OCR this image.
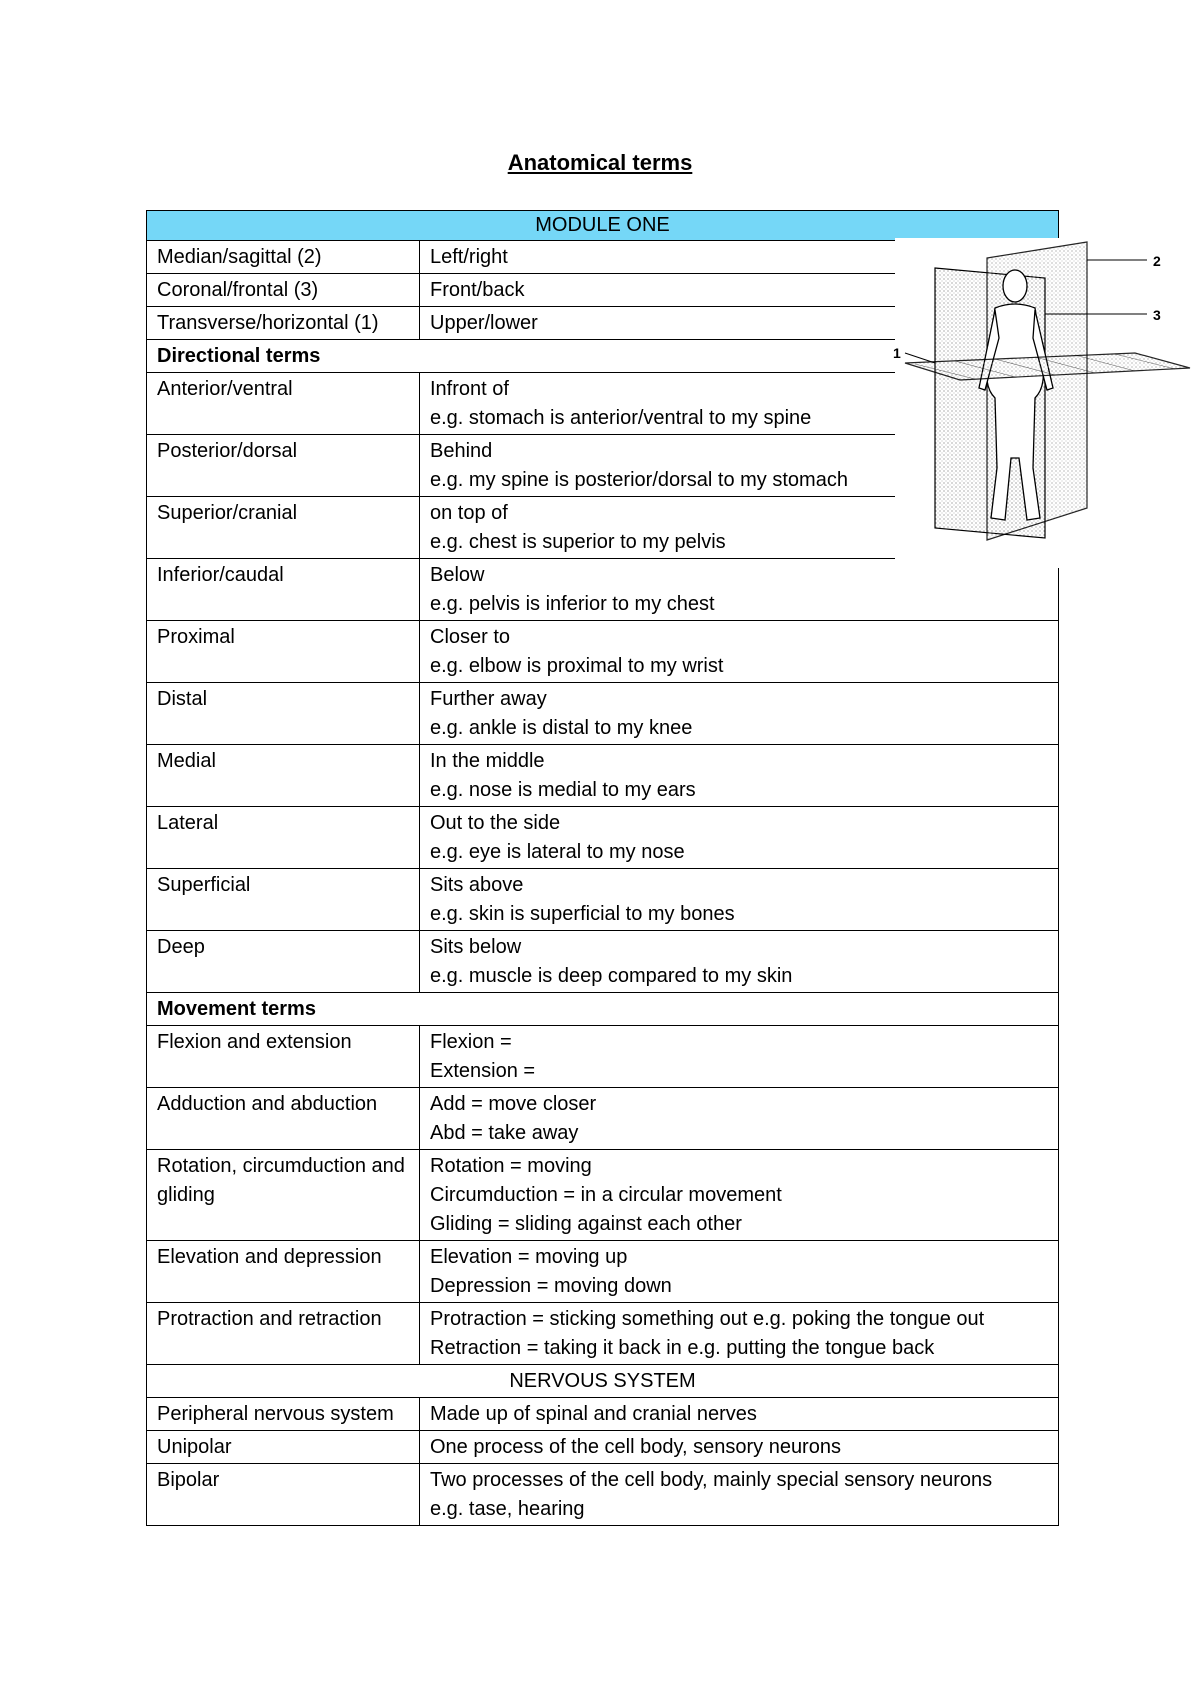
Anatomical terms
MODULE ONE	
Median/sagittal (2)	Left/right
Coronal/frontal (3)	Front/back
Transverse/horizontal (1)	Upper/lower
Directional terms	
Anterior/ventral	Infront of
e.g. stomach is anterior/ventral to my spine

Posterior/dorsal	Behind
e.g. my spine is posterior/dorsal to my stomach

Superior/cranial	on top of
e.g. chest is superior to my pelvis

Inferior/caudal	Below
e.g. pelvis is inferior to my chest

Proximal	Closer to
e.g. elbow is proximal to my wrist

Distal	Further away
e.g. ankle is distal to my knee

Medial	In the middle
e.g. nose is medial to my ears

Lateral	Out to the side
e.g. eye is lateral to my nose

Superficial	Sits above
e.g. skin is superficial to my bones

Deep	Sits below
e.g. muscle is deep compared to my skin

Movement terms	
Flexion and extension	Flexion =
Extension =

Adduction and abduction	Add = move closer
Abd = take away

Rotation, circumduction and gliding	Rotation = moving
Circumduction = in a circular movement
Gliding = sliding against each other

Elevation and depression	Elevation = moving up
Depression = moving down

Protraction and retraction	Protraction = sticking something out e.g. poking the tongue out
Retraction = taking it back in e.g. putting the tongue back

NERVOUS SYSTEM	
Peripheral nervous system	Made up of spinal and cranial nerves

Unipolar	One process of the cell body, sensory neurons

Bipolar	Two processes of the cell body, mainly special sensory neurons
e.g. tase, hearing
2
3
1
